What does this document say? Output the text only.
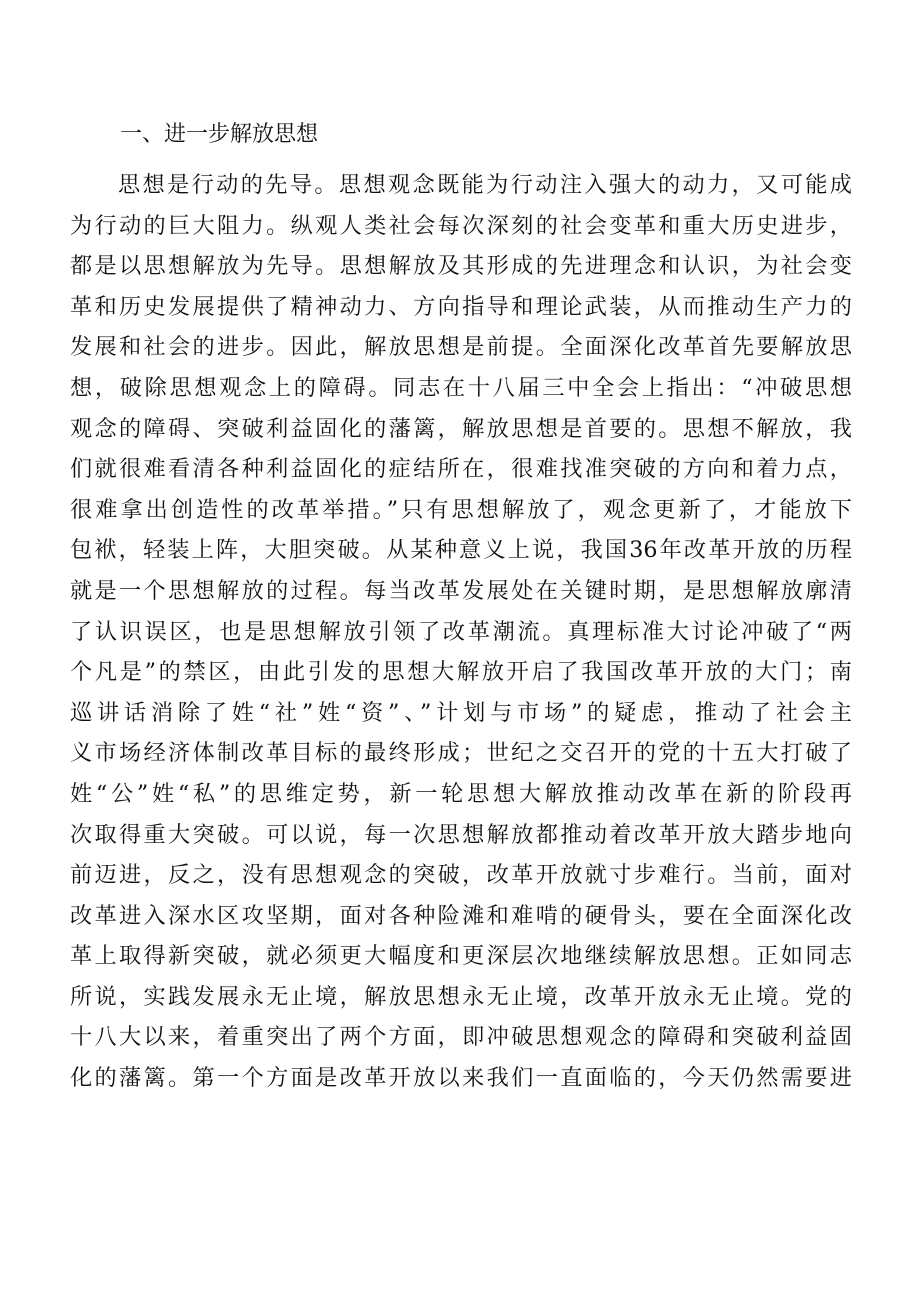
一、进一步解放思想
思想是行动的先导。思想观念既能为行动注入强大的动力，又可能成
为行动的巨大阻力。纵观人类社会每次深刻的社会变革和重大历史进步，
都是以思想解放为先导。思想解放及其形成的先进理念和认识，为社会变
革和历史发展提供了精神动力、方向指导和理论武装，从而推动生产力的
发展和社会的进步。因此，解放思想是前提。全面深化改革首先要解放思
想，破除思想观念上的障碍。同志在十八届三中全会上指出：“冲破思想
观念的障碍、突破利益固化的藩篱，解放思想是首要的。思想不解放，我
们就很难看清各种利益固化的症结所在，很难找准突破的方向和着力点，
很难拿出创造性的改革举措。”只有思想解放了，观念更新了，才能放下
包袱，轻装上阵，大胆突破。从某种意义上说，我国36年改革开放的历程
就是一个思想解放的过程。每当改革发展处在关键时期，是思想解放廓清
了认识误区，也是思想解放引领了改革潮流。真理标准大讨论冲破了“两
个凡是”的禁区，由此引发的思想大解放开启了我国改革开放的大门；南
巡讲话消除了姓“社”姓“资”、”计划与市场”的疑虑，推动了社会主
义市场经济体制改革目标的最终形成；世纪之交召开的党的十五大打破了
姓“公”姓“私”的思维定势，新一轮思想大解放推动改革在新的阶段再
次取得重大突破。可以说，每一次思想解放都推动着改革开放大踏步地向
前迈进，反之，没有思想观念的突破，改革开放就寸步难行。当前，面对
改革进入深水区攻坚期，面对各种险滩和难啃的硬骨头，要在全面深化改
革上取得新突破，就必须更大幅度和更深层次地继续解放思想。正如同志
所说，实践发展永无止境，解放思想永无止境，改革开放永无止境。党的
十八大以来，着重突出了两个方面，即冲破思想观念的障碍和突破利益固
化的藩篱。第一个方面是改革开放以来我们一直面临的，今天仍然需要进
